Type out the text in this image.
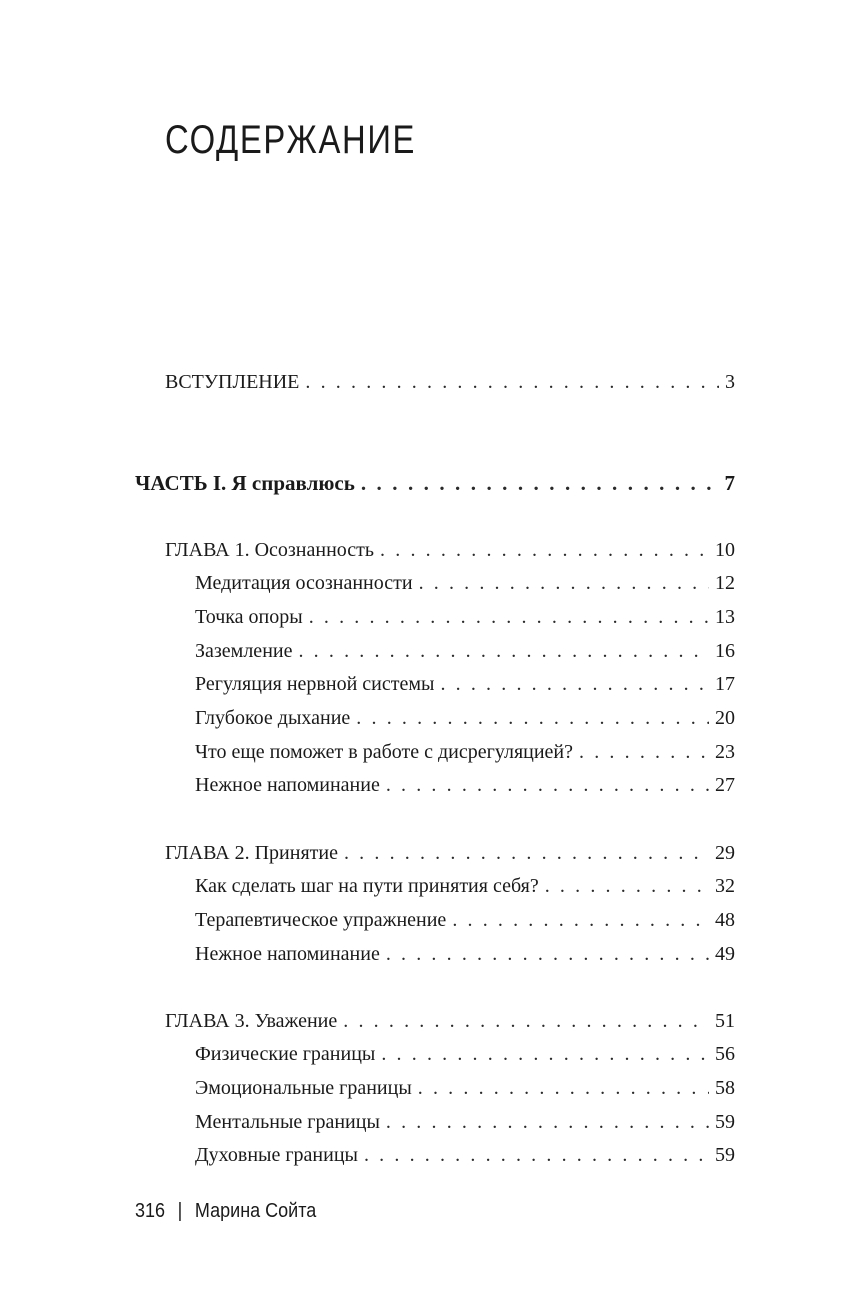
СОДЕРЖАНИЕ
ВСТУПЛЕНИЕ . . .	3
ЧАСТЬ I. Я справлюсь . . .	7
ГЛАВА 1. Осознанность . . .	10
Медитация осознанности . . .	12
Точка опоры . . .	13
Заземление . . .	16
Регуляция нервной системы . . .	17
Глубокое дыхание . . .	20
Что еще поможет в работе с дисрегуляцией? . . .	23
Нежное напоминание . . .	27
ГЛАВА 2. Принятие . . .	29
Как сделать шаг на пути принятия себя? . . .	32
Терапевтическое упражнение . . .	48
Нежное напоминание . . .	49
ГЛАВА 3. Уважение . . .	51
Физические границы . . .	56
Эмоциональные границы . . .	58
Ментальные границы . . .	59
Духовные границы . . .	59
316 | Марина Сойта
